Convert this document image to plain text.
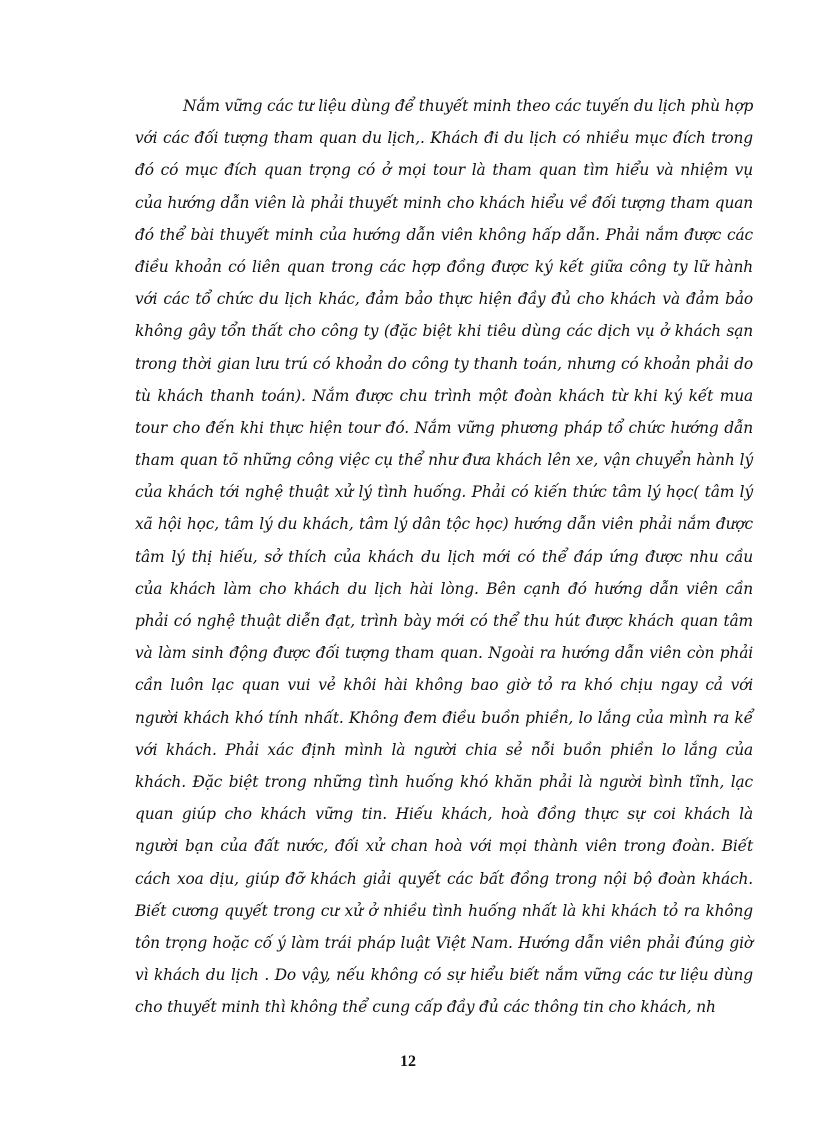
Nắm vững các tư liệu dùng để thuyết minh theo các tuyến du lịch phù hợp
với các đối tượng tham quan du lịch,. Khách đi du lịch có nhiều mục đích trong
đó có mục đích quan trọng có ở mọi tour là tham quan tìm hiểu và nhiệm vụ
của hướng dẫn viên là phải thuyết minh cho khách hiểu về đối tượng tham quan
đó thể bài thuyết minh của hướng dẫn viên không hấp dẫn. Phải nắm được các
điều khoản có liên quan trong các hợp đồng được ký kết giữa công ty lữ hành
với các tổ chức du lịch khác, đảm bảo thực hiện đầy đủ cho khách và đảm bảo
không gây tổn thất cho công ty (đặc biệt khi tiêu dùng các dịch vụ ở khách sạn
trong thời gian lưu trú có khoản do công ty thanh toán, nhưng có khoản phải do
tù khách thanh toán). Nắm được chu trình một đoàn khách từ khi ký kết mua
tour cho đến khi thực hiện tour đó. Nắm vững phương pháp tổ chức hướng dẫn
tham quan tõ những công việc cụ thể như đưa khách lên xe, vận chuyển hành lý
của khách tới nghệ thuật xử lý tình huống. Phải có kiến thức tâm lý học( tâm lý
xã hội học, tâm lý du khách, tâm lý dân tộc học) hướng dẫn viên phải nắm được
tâm lý thị hiếu, sở thích của khách du lịch mới có thể đáp ứng được nhu cầu
của khách làm cho khách du lịch hài lòng. Bên cạnh đó hướng dẫn viên cần
phải có nghệ thuật diễn đạt, trình bày mới có thể thu hút được khách quan tâm
và làm sinh động được đối tượng tham quan. Ngoài ra hướng dẫn viên còn phải
cần luôn lạc quan vui vẻ khôi hài không bao giờ tỏ ra khó chịu ngay cả với
người khách khó tính nhất. Không đem điều buồn phiền, lo lắng của mình ra kể
với khách. Phải xác định mình là người chia sẻ nỗi buồn phiền lo lắng của
khách. Đặc biệt trong những tình huống khó khăn phải là người bình tĩnh, lạc
quan giúp cho khách vững tin. Hiếu khách, hoà đồng thực sự coi khách là
người bạn của đất nước, đối xử chan hoà với mọi thành viên trong đoàn. Biết
cách xoa dịu, giúp đỡ khách giải quyết các bất đồng trong nội bộ đoàn khách.
Biết cương quyết trong cư xử ở nhiều tình huống nhất là khi khách tỏ ra không
tôn trọng hoặc cố ý làm trái pháp luật Việt Nam. Hướng dẫn viên phải đúng giờ
vì khách du lịch . Do vậy, nếu không có sự hiểu biết nắm vững các tư liệu dùng
cho thuyết minh thì không thể cung cấp đầy đủ các thông tin cho khách, nh

12
